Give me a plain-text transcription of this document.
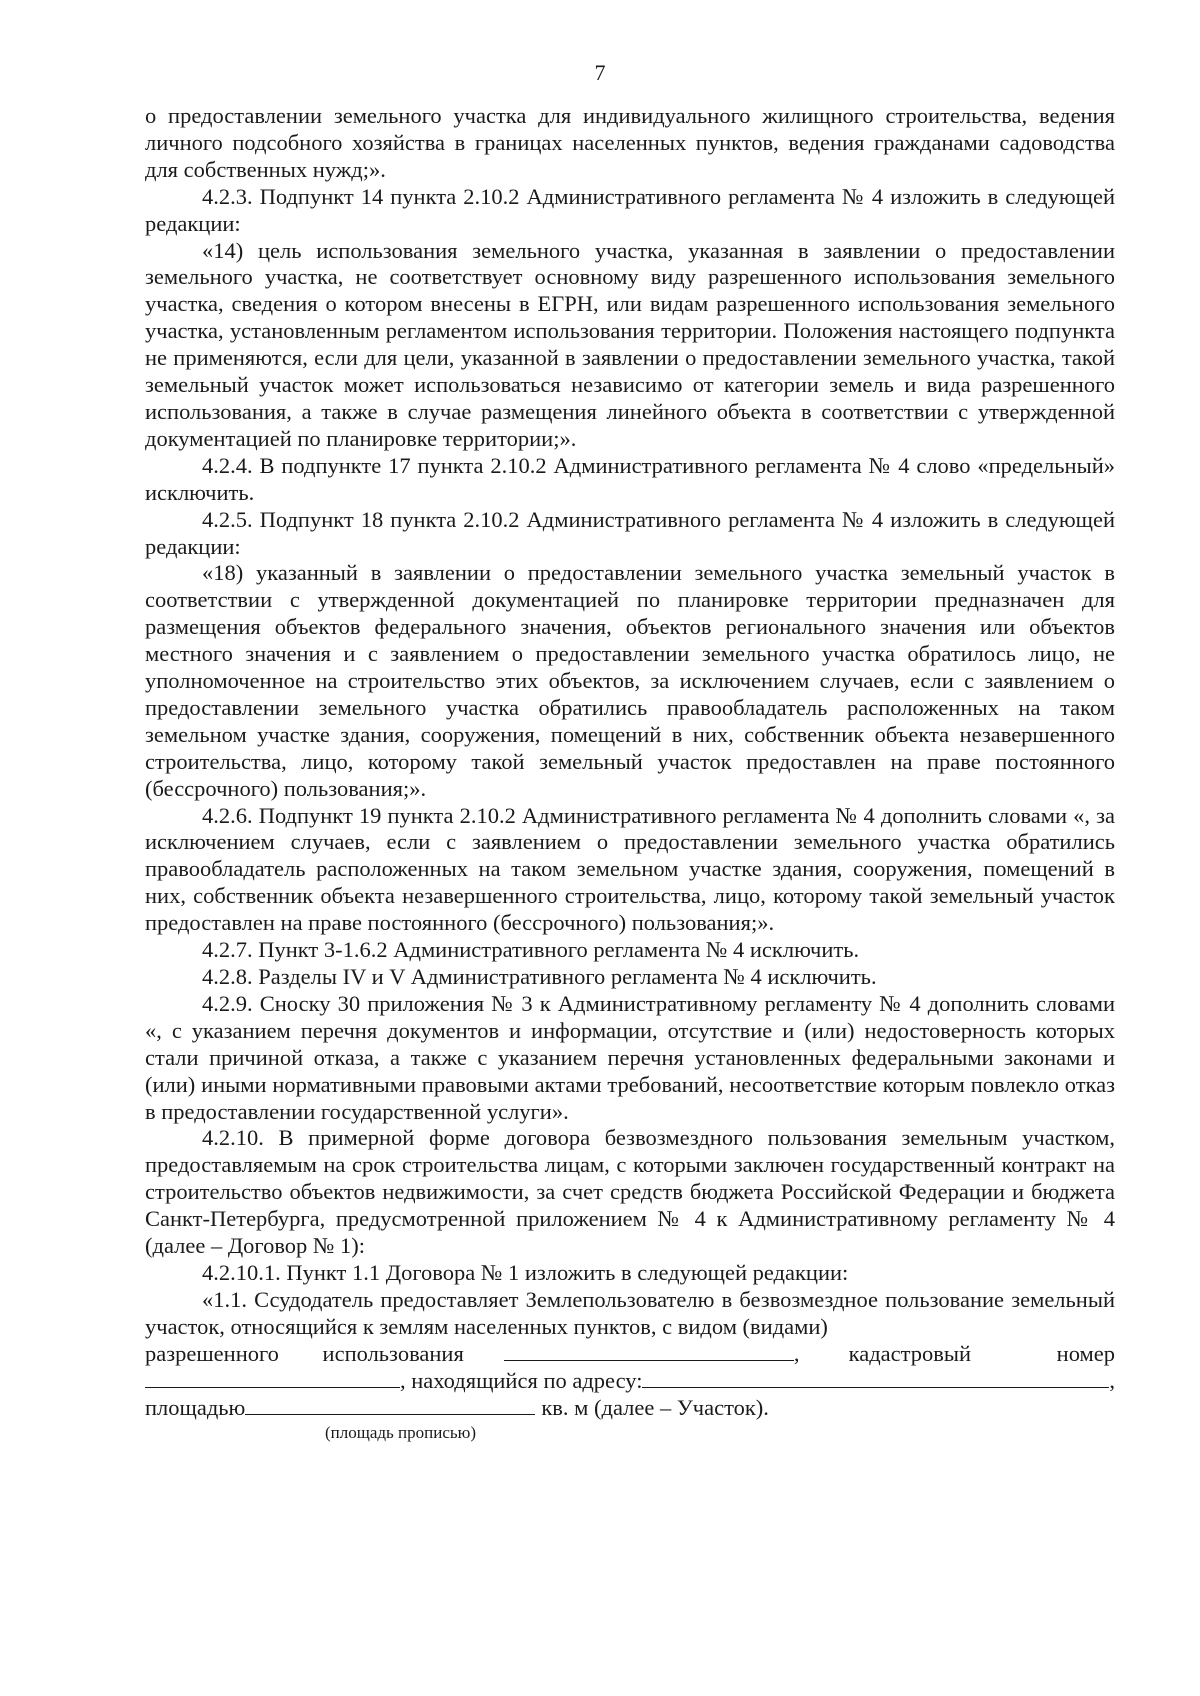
7

о предоставлении земельного участка для индивидуального жилищного строительства, ведения личного подсобного хозяйства в границах населенных пунктов, ведения гражданами садоводства для собственных нужд;».

4.2.3. Подпункт 14 пункта 2.10.2 Административного регламента № 4 изложить в следующей редакции:

«14) цель использования земельного участка, указанная в заявлении о предоставлении земельного участка, не соответствует основному виду разрешенного использования земельного участка, сведения о котором внесены в ЕГРН, или видам разрешенного использования земельного участка, установленным регламентом использования территории. Положения настоящего подпункта не применяются, если для цели, указанной в заявлении о предоставлении земельного участка, такой земельный участок может использоваться независимо от категории земель и вида разрешенного использования, а также в случае размещения линейного объекта в соответствии с утвержденной документацией по планировке территории;».

4.2.4. В подпункте 17 пункта 2.10.2 Административного регламента № 4 слово «предельный» исключить.

4.2.5. Подпункт 18 пункта 2.10.2 Административного регламента № 4 изложить в следующей редакции:

«18) указанный в заявлении о предоставлении земельного участка земельный участок в соответствии с утвержденной документацией по планировке территории предназначен для размещения объектов федерального значения, объектов регионального значения или объектов местного значения и с заявлением о предоставлении земельного участка обратилось лицо, не уполномоченное на строительство этих объектов, за исключением случаев, если с заявлением о предоставлении земельного участка обратились правообладатель расположенных на таком земельном участке здания, сооружения, помещений в них, собственник объекта незавершенного строительства, лицо, которому такой земельный участок предоставлен на праве постоянного (бессрочного) пользования;».

4.2.6. Подпункт 19 пункта 2.10.2 Административного регламента № 4 дополнить словами «, за исключением случаев, если с заявлением о предоставлении земельного участка обратились правообладатель расположенных на таком земельном участке здания, сооружения, помещений в них, собственник объекта незавершенного строительства, лицо, которому такой земельный участок предоставлен на праве постоянного (бессрочного) пользования;».

4.2.7. Пункт 3-1.6.2 Административного регламента № 4 исключить.

4.2.8. Разделы IV и V Административного регламента № 4 исключить.

4.2.9. Сноску 30 приложения № 3 к Административному регламенту № 4 дополнить словами «, с указанием перечня документов и информации, отсутствие и (или) недостоверность которых стали причиной отказа, а также с указанием перечня установленных федеральными законами и (или) иными нормативными правовыми актами требований, несоответствие которым повлекло отказ в предоставлении государственной услуги».

4.2.10. В примерной форме договора безвозмездного пользования земельным участком, предоставляемым на срок строительства лицам, с которыми заключен государственный контракт на строительство объектов недвижимости, за счет средств бюджета Российской Федерации и бюджета Санкт-Петербурга, предусмотренной приложением № 4 к Административному регламенту № 4 (далее – Договор № 1):

4.2.10.1. Пункт 1.1 Договора № 1 изложить в следующей редакции:

«1.1. Ссудодатель предоставляет Землепользователю в безвозмездное пользование земельный участок, относящийся к землям населенных пунктов, с видом (видами)

разрешенного использования	, кадастровый номер
, находящийся по адресу:	,
площадью	кв. м (далее – Участок).
(площадь прописью)
